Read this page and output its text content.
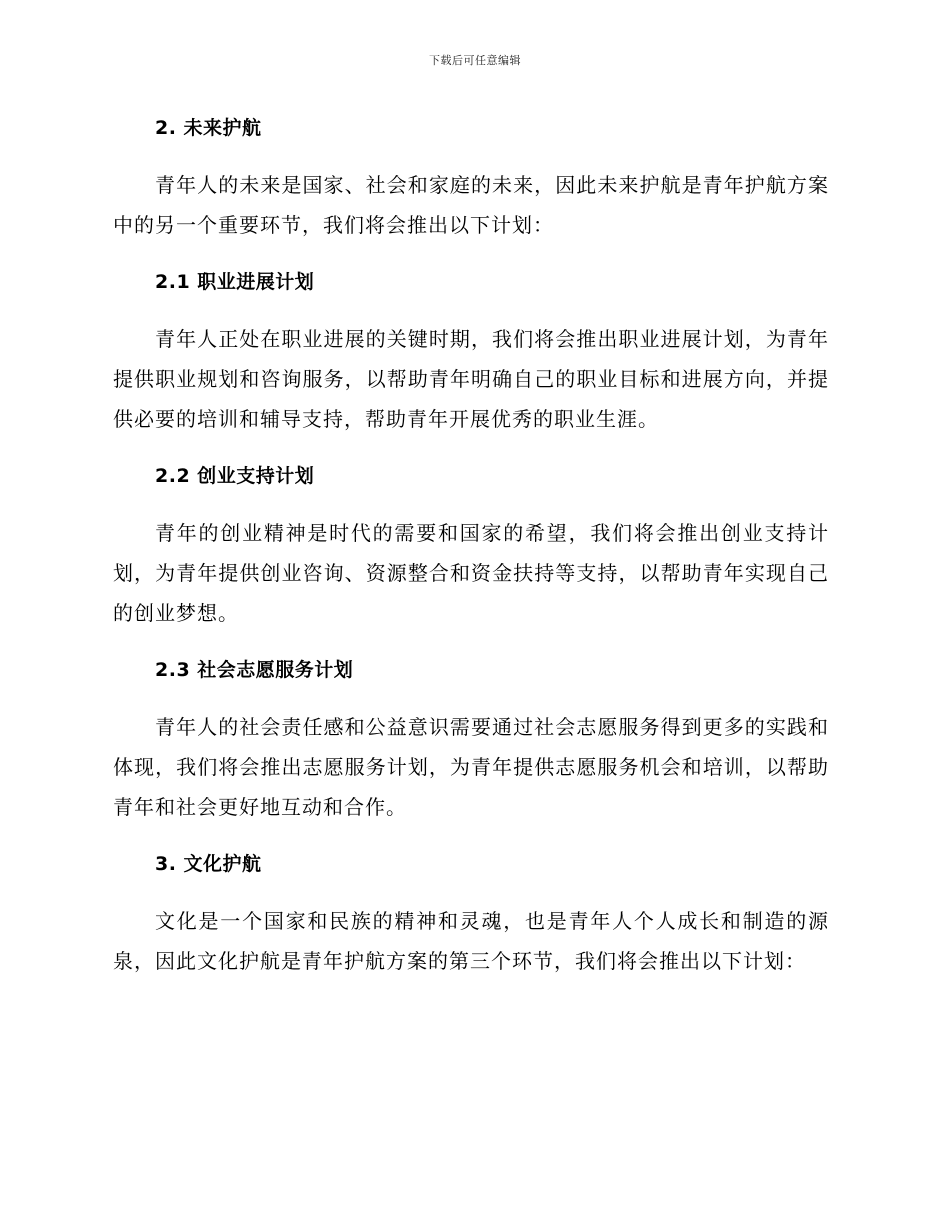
下载后可任意编辑
2. 未来护航

青年人的未来是国家、社会和家庭的未来，因此未来护航是青年护航方案中的另一个重要环节，我们将会推出以下计划：

2.1 职业进展计划

青年人正处在职业进展的关键时期，我们将会推出职业进展计划，为青年提供职业规划和咨询服务，以帮助青年明确自己的职业目标和进展方向，并提供必要的培训和辅导支持，帮助青年开展优秀的职业生涯。

2.2 创业支持计划

青年的创业精神是时代的需要和国家的希望，我们将会推出创业支持计划，为青年提供创业咨询、资源整合和资金扶持等支持，以帮助青年实现自己的创业梦想。

2.3 社会志愿服务计划

青年人的社会责任感和公益意识需要通过社会志愿服务得到更多的实践和体现，我们将会推出志愿服务计划，为青年提供志愿服务机会和培训，以帮助青年和社会更好地互动和合作。

3. 文化护航

文化是一个国家和民族的精神和灵魂，也是青年人个人成长和制造的源泉，因此文化护航是青年护航方案的第三个环节，我们将会推出以下计划：
